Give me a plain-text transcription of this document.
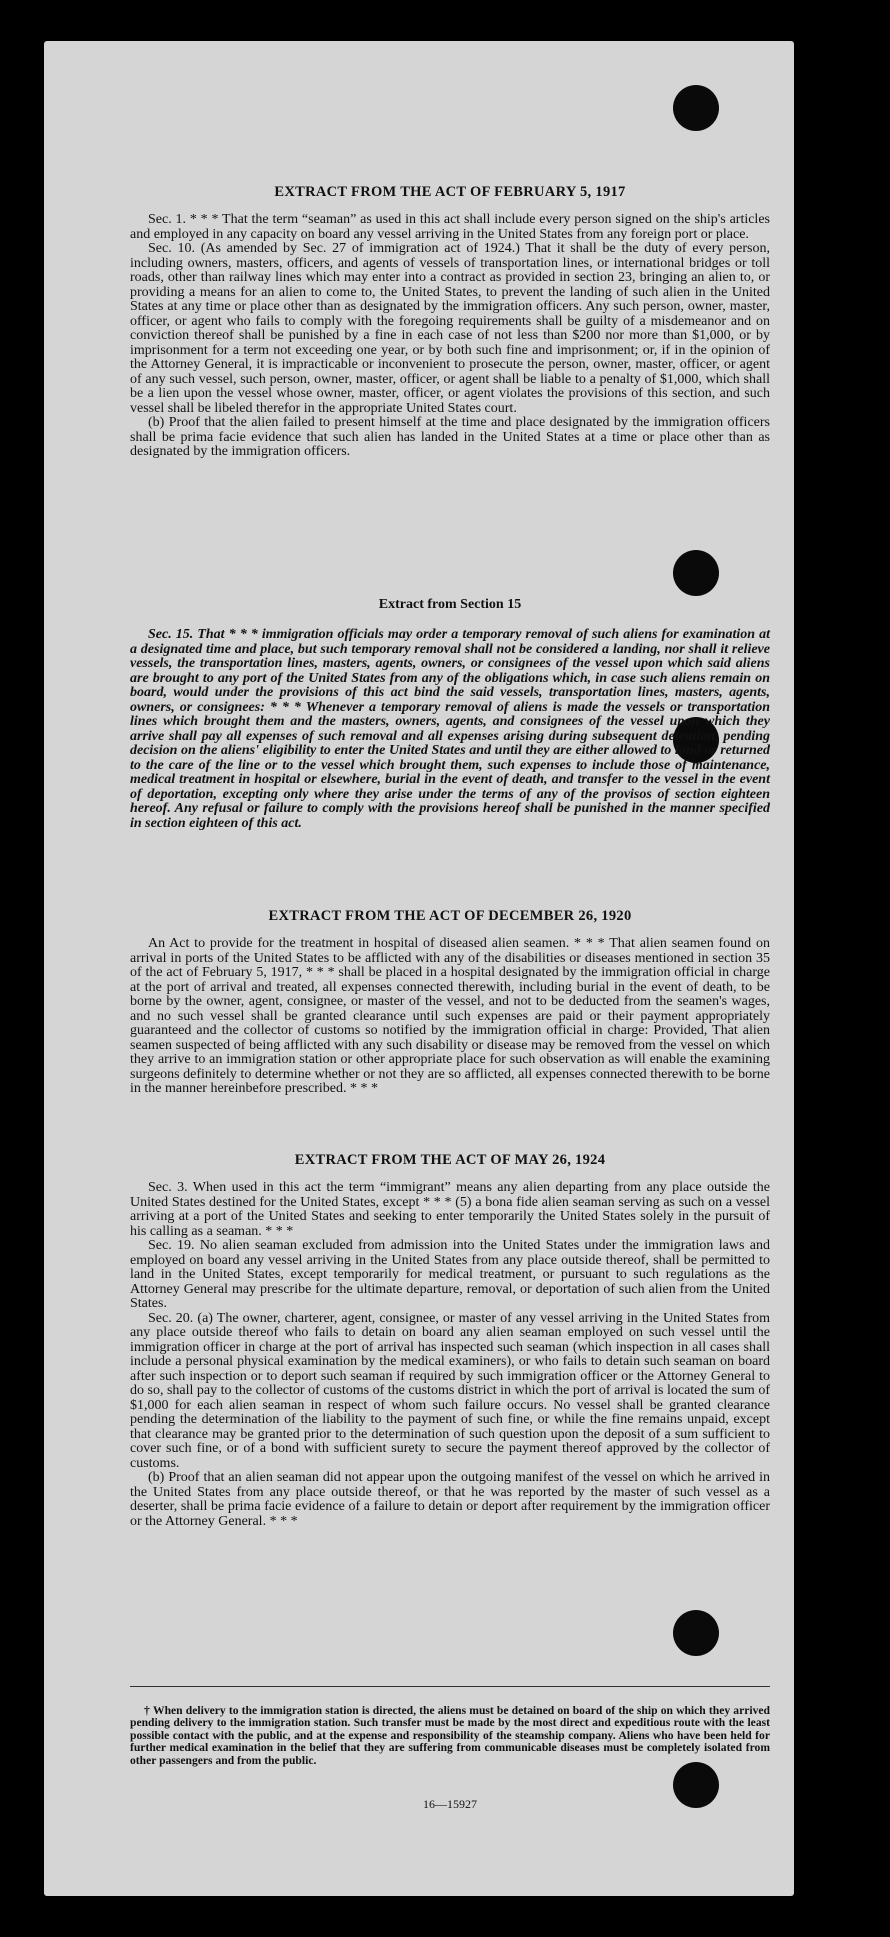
EXTRACT FROM THE ACT OF FEBRUARY 5, 1917

Sec. 1. * * * That the term “seaman” as used in this act shall include every person signed on the ship's articles and employed in any capacity on board any vessel arriving in the United States from any foreign port or place.

Sec. 10. (As amended by Sec. 27 of immigration act of 1924.) That it shall be the duty of every person, including owners, masters, officers, and agents of vessels of transportation lines, or international bridges or toll roads, other than railway lines which may enter into a contract as provided in section 23, bringing an alien to, or providing a means for an alien to come to, the United States, to prevent the landing of such alien in the United States at any time or place other than as designated by the immigration officers. Any such person, owner, master, officer, or agent who fails to comply with the foregoing requirements shall be guilty of a misdemeanor and on conviction thereof shall be punished by a fine in each case of not less than $200 nor more than $1,000, or by imprisonment for a term not exceeding one year, or by both such fine and imprisonment; or, if in the opinion of the Attorney General, it is impracticable or inconvenient to prosecute the person, owner, master, officer, or agent of any such vessel, such person, owner, master, officer, or agent shall be liable to a penalty of $1,000, which shall be a lien upon the vessel whose owner, master, officer, or agent violates the provisions of this section, and such vessel shall be libeled therefor in the appropriate United States court.

(b) Proof that the alien failed to present himself at the time and place designated by the immigration officers shall be prima facie evidence that such alien has landed in the United States at a time or place other than as designated by the immigration officers.

Extract from Section 15

Sec. 15. That * * * immigration officials may order a temporary removal of such aliens for examination at a designated time and place, but such temporary removal shall not be considered a landing, nor shall it relieve vessels, the transportation lines, masters, agents, owners, or consignees of the vessel upon which said aliens are brought to any port of the United States from any of the obligations which, in case such aliens remain on board, would under the provisions of this act bind the said vessels, transportation lines, masters, agents, owners, or consignees: * * * Whenever a temporary removal of aliens is made the vessels or transportation lines which brought them and the masters, owners, agents, and consignees of the vessel upon which they arrive shall pay all expenses of such removal and all expenses arising during subsequent detention, pending decision on the aliens' eligibility to enter the United States and until they are either allowed to land or returned to the care of the line or to the vessel which brought them, such expenses to include those of maintenance, medical treatment in hospital or elsewhere, burial in the event of death, and transfer to the vessel in the event of deportation, excepting only where they arise under the terms of any of the provisos of section eighteen hereof. Any refusal or failure to comply with the provisions hereof shall be punished in the manner specified in section eighteen of this act.

EXTRACT FROM THE ACT OF DECEMBER 26, 1920

An Act to provide for the treatment in hospital of diseased alien seamen. * * * That alien seamen found on arrival in ports of the United States to be afflicted with any of the disabilities or diseases mentioned in section 35 of the act of February 5, 1917, * * * shall be placed in a hospital designated by the immigration official in charge at the port of arrival and treated, all expenses connected therewith, including burial in the event of death, to be borne by the owner, agent, consignee, or master of the vessel, and not to be deducted from the seamen's wages, and no such vessel shall be granted clearance until such expenses are paid or their payment appropriately guaranteed and the collector of customs so notified by the immigration official in charge: Provided, That alien seamen suspected of being afflicted with any such disability or disease may be removed from the vessel on which they arrive to an immigration station or other appropriate place for such observation as will enable the examining surgeons definitely to determine whether or not they are so afflicted, all expenses connected therewith to be borne in the manner hereinbefore prescribed. * * *

EXTRACT FROM THE ACT OF MAY 26, 1924

Sec. 3. When used in this act the term “immigrant” means any alien departing from any place outside the United States destined for the United States, except * * * (5) a bona fide alien seaman serving as such on a vessel arriving at a port of the United States and seeking to enter temporarily the United States solely in the pursuit of his calling as a seaman. * * *

Sec. 19. No alien seaman excluded from admission into the United States under the immigration laws and employed on board any vessel arriving in the United States from any place outside thereof, shall be permitted to land in the United States, except temporarily for medical treatment, or pursuant to such regulations as the Attorney General may prescribe for the ultimate departure, removal, or deportation of such alien from the United States.

Sec. 20. (a) The owner, charterer, agent, consignee, or master of any vessel arriving in the United States from any place outside thereof who fails to detain on board any alien seaman employed on such vessel until the immigration officer in charge at the port of arrival has inspected such seaman (which inspection in all cases shall include a personal physical examination by the medical examiners), or who fails to detain such seaman on board after such inspection or to deport such seaman if required by such immigration officer or the Attorney General to do so, shall pay to the collector of customs of the customs district in which the port of arrival is located the sum of $1,000 for each alien seaman in respect of whom such failure occurs. No vessel shall be granted clearance pending the determination of the liability to the payment of such fine, or while the fine remains unpaid, except that clearance may be granted prior to the determination of such question upon the deposit of a sum sufficient to cover such fine, or of a bond with sufficient surety to secure the payment thereof approved by the collector of customs.

(b) Proof that an alien seaman did not appear upon the outgoing manifest of the vessel on which he arrived in the United States from any place outside thereof, or that he was reported by the master of such vessel as a deserter, shall be prima facie evidence of a failure to detain or deport after requirement by the immigration officer or the Attorney General. * * *

† When delivery to the immigration station is directed, the aliens must be detained on board of the ship on which they arrived pending delivery to the immigration station. Such transfer must be made by the most direct and expeditious route with the least possible contact with the public, and at the expense and responsibility of the steamship company. Aliens who have been held for further medical examination in the belief that they are suffering from communicable diseases must be completely isolated from other passengers and from the public.

16—15927
